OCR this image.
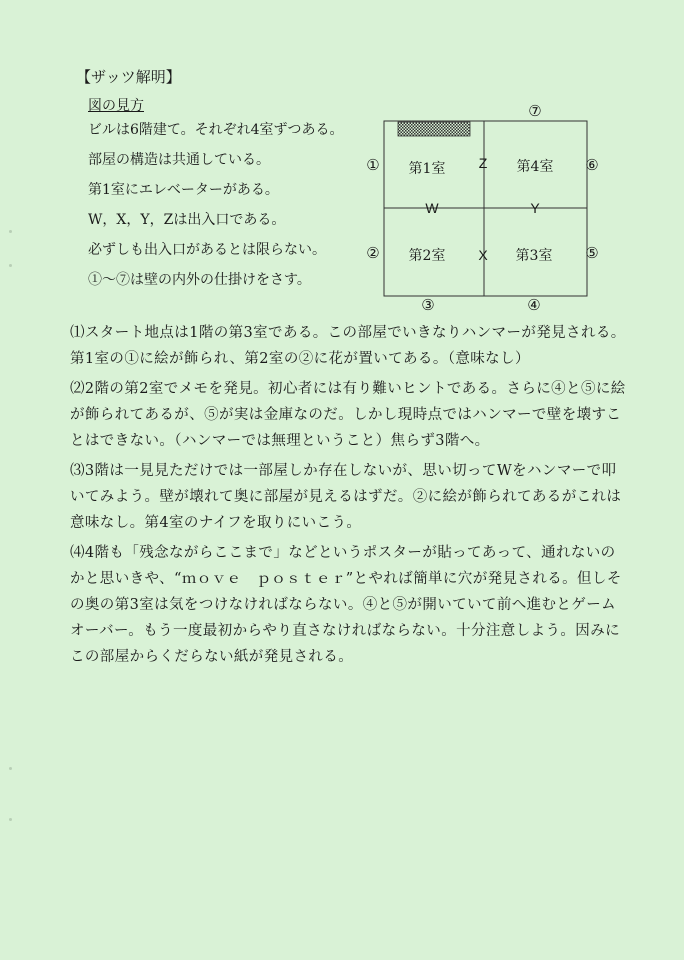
【ザッツ解明】
図の見方
ビルは6階建て。それぞれ4室ずつある。
部屋の構造は共通している。
第1室にエレベーターがある。
W，X，Y，Zは出入口である。
必ずしも出入口があるとは限らない。
①〜⑦は壁の内外の仕掛けをさす。
第1室	第4室
第2室	第3室
Z
W	Y
X
①
②
③	④
⑤
⑥
⑦
⑴スタート地点は1階の第3室である。この部屋でいきなりハンマーが発見される。第1室の①に絵が飾られ、第2室の②に花が置いてある。（意味なし）
⑵2階の第2室でメモを発見。初心者には有り難いヒントである。さらに④と⑤に絵が飾られてあるが、⑤が実は金庫なのだ。しかし現時点ではハンマーで壁を壊すことはできない。（ハンマーでは無理ということ）焦らず3階へ。
⑶3階は一見見ただけでは一部屋しか存在しないが、思い切ってWをハンマーで叩いてみよう。壁が壊れて奥に部屋が見えるはずだ。②に絵が飾られてあるがこれは意味なし。第4室のナイフを取りにいこう。
⑷4階も「残念ながらここまで」などというポスターが貼ってあって、通れないのかと思いきや、“ｍｏｖｅ　ｐｏｓｔｅｒ”とやれば簡単に穴が発見される。但しその奥の第3室は気をつけなければならない。④と⑤が開いていて前へ進むとゲームオーバー。もう一度最初からやり直さなければならない。十分注意しよう。因みにこの部屋からくだらない紙が発見される。
